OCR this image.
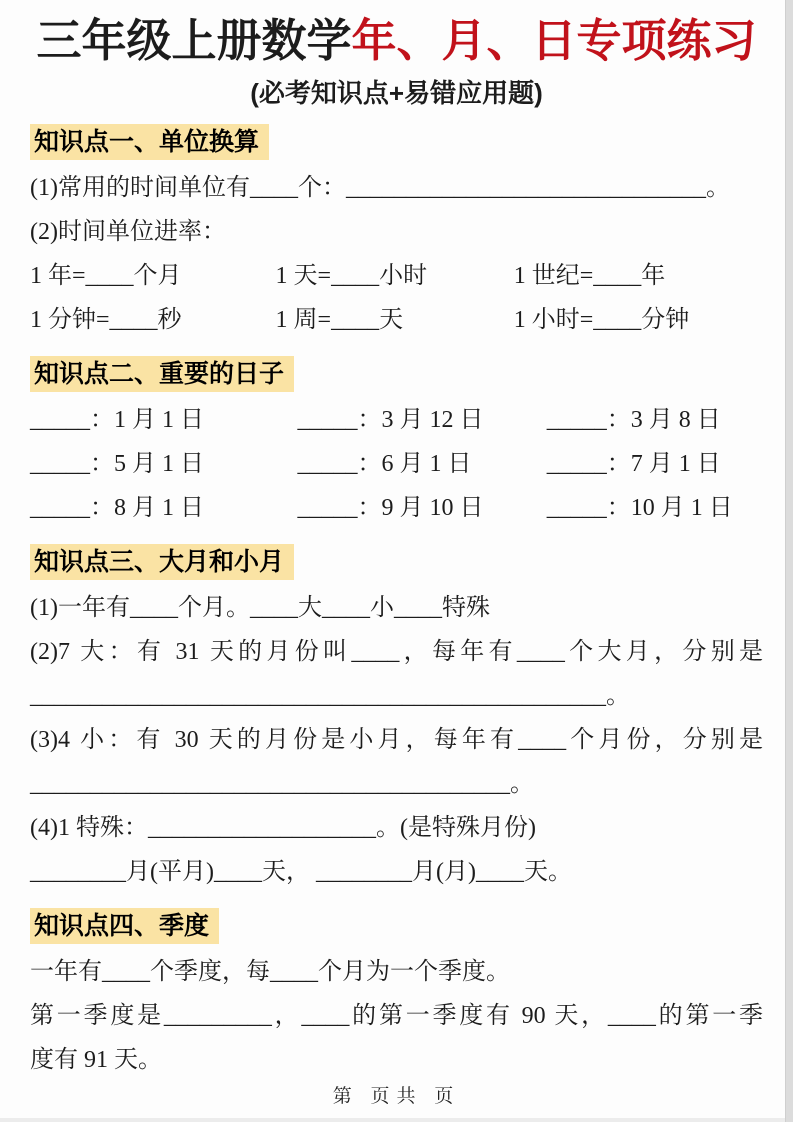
三年级上册数学年、月、日专项练习
(必考知识点+易错应用题)
知识点一、单位换算
(1)常用的时间单位有____个：______________________________。
(2)时间单位进率：
1 年=____个月	1 天=____小时	1 世纪=____年
1 分钟=____秒	1 周=____天	1 小时=____分钟
知识点二、重要的日子
_____：1 月 1 日	_____：3 月 12 日	_____：3 月 8 日
_____：5 月 1 日	_____：6 月 1 日	_____：7 月 1 日
_____：8 月 1 日	_____：9 月 10 日	_____：10 月 1 日
知识点三、大月和小月
(1)一年有____个月。____大____小____特殊
(2)7 大：有 31 天的月份叫____，每年有____个大月，分别是
________________________________________________。
(3)4 小：有 30 天的月份是小月，每年有____个月份，分别是
________________________________________。
(4)1 特殊：___________________。(是特殊月份)
________月(平月)____天， ________月(月)____天。
知识点四、季度
一年有____个季度，每____个月为一个季度。
第一季度是_________，____的第一季度有 90 天，____的第一季
度有 91 天。
第 页共 页
